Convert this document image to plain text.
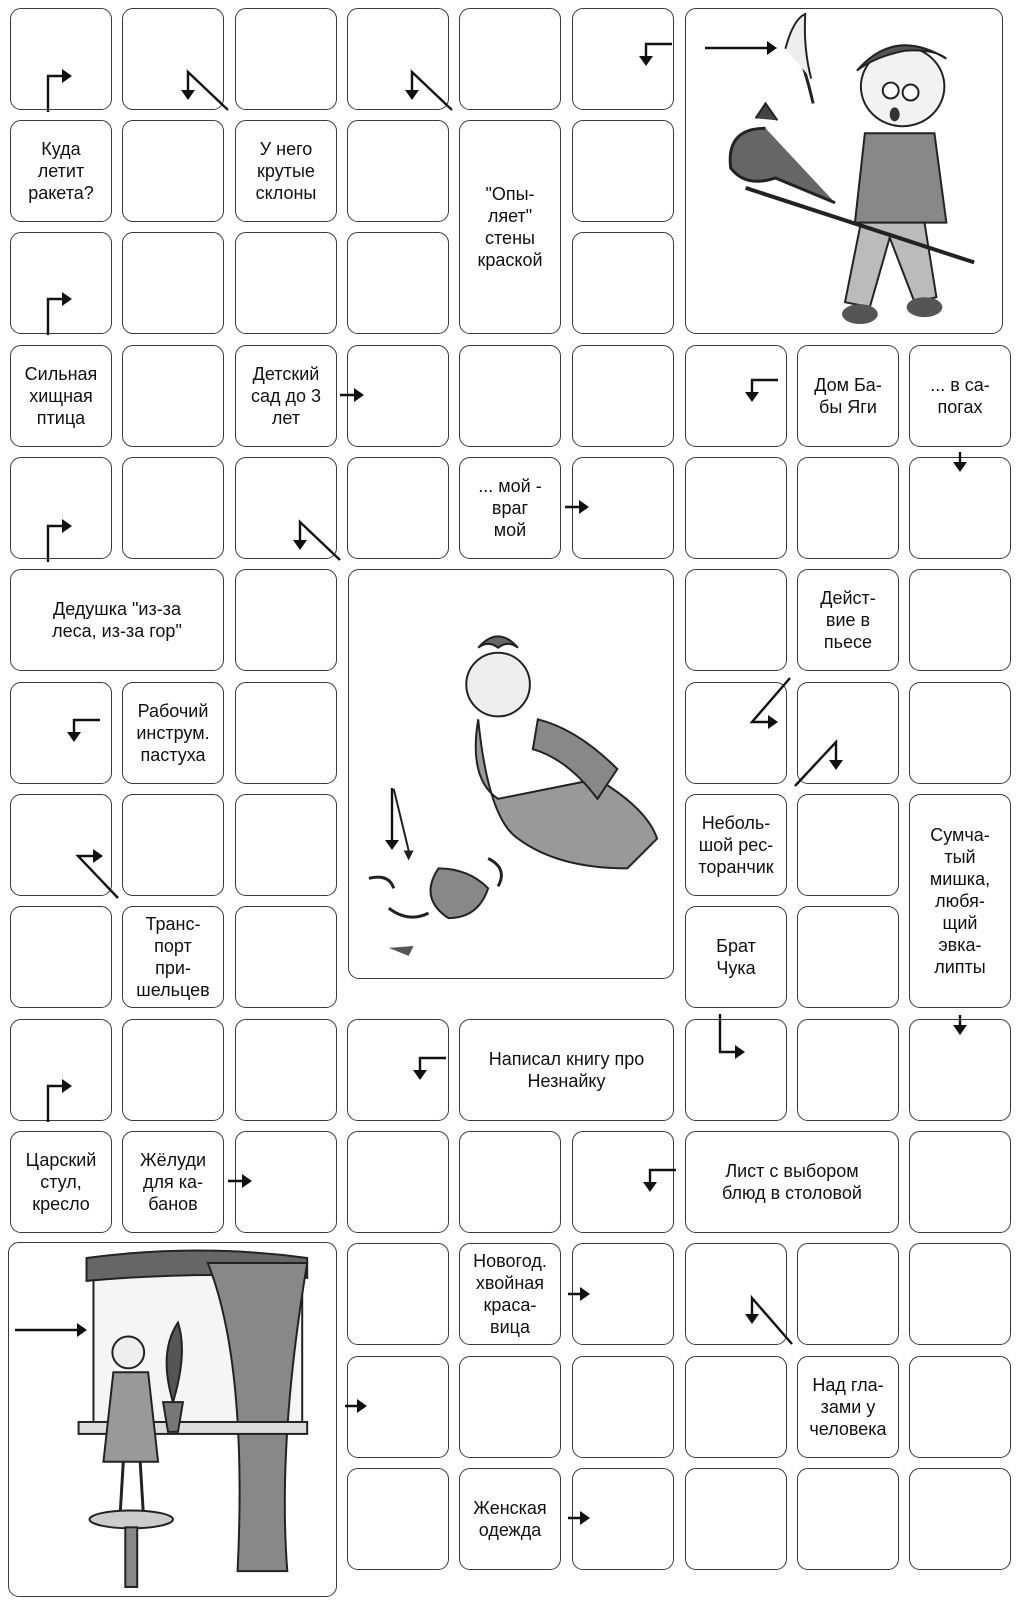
Куда
летит
ракета?
У него
крутые
склоны	"Опы-
ляет"
стены
краской
Сильная
хищная
птица
Детский
сад до 3
лет
Дом Ба-
бы Яги
... в са-
погах
... мой -
враг
мой
Дедушка "из-за
леса, из-за гор"
Дейст-
вие в
пьесе
Рабочий
инструм.
пастуха
Неболь-
шой рес-
торанчик
Сумча-
тый
мишка,
любя-
щий
эвка-
липты
Транс-
порт
при-
шельцев
Брат
Чука
Написал книгу про
Незнайку
Царский
стул,
кресло
Жёлуди
для ка-
банов
Лист с выбором
блюд в столовой
Новогод.
хвойная
краса-
вица
Над гла-
зами у
человека
Женская
одежда
